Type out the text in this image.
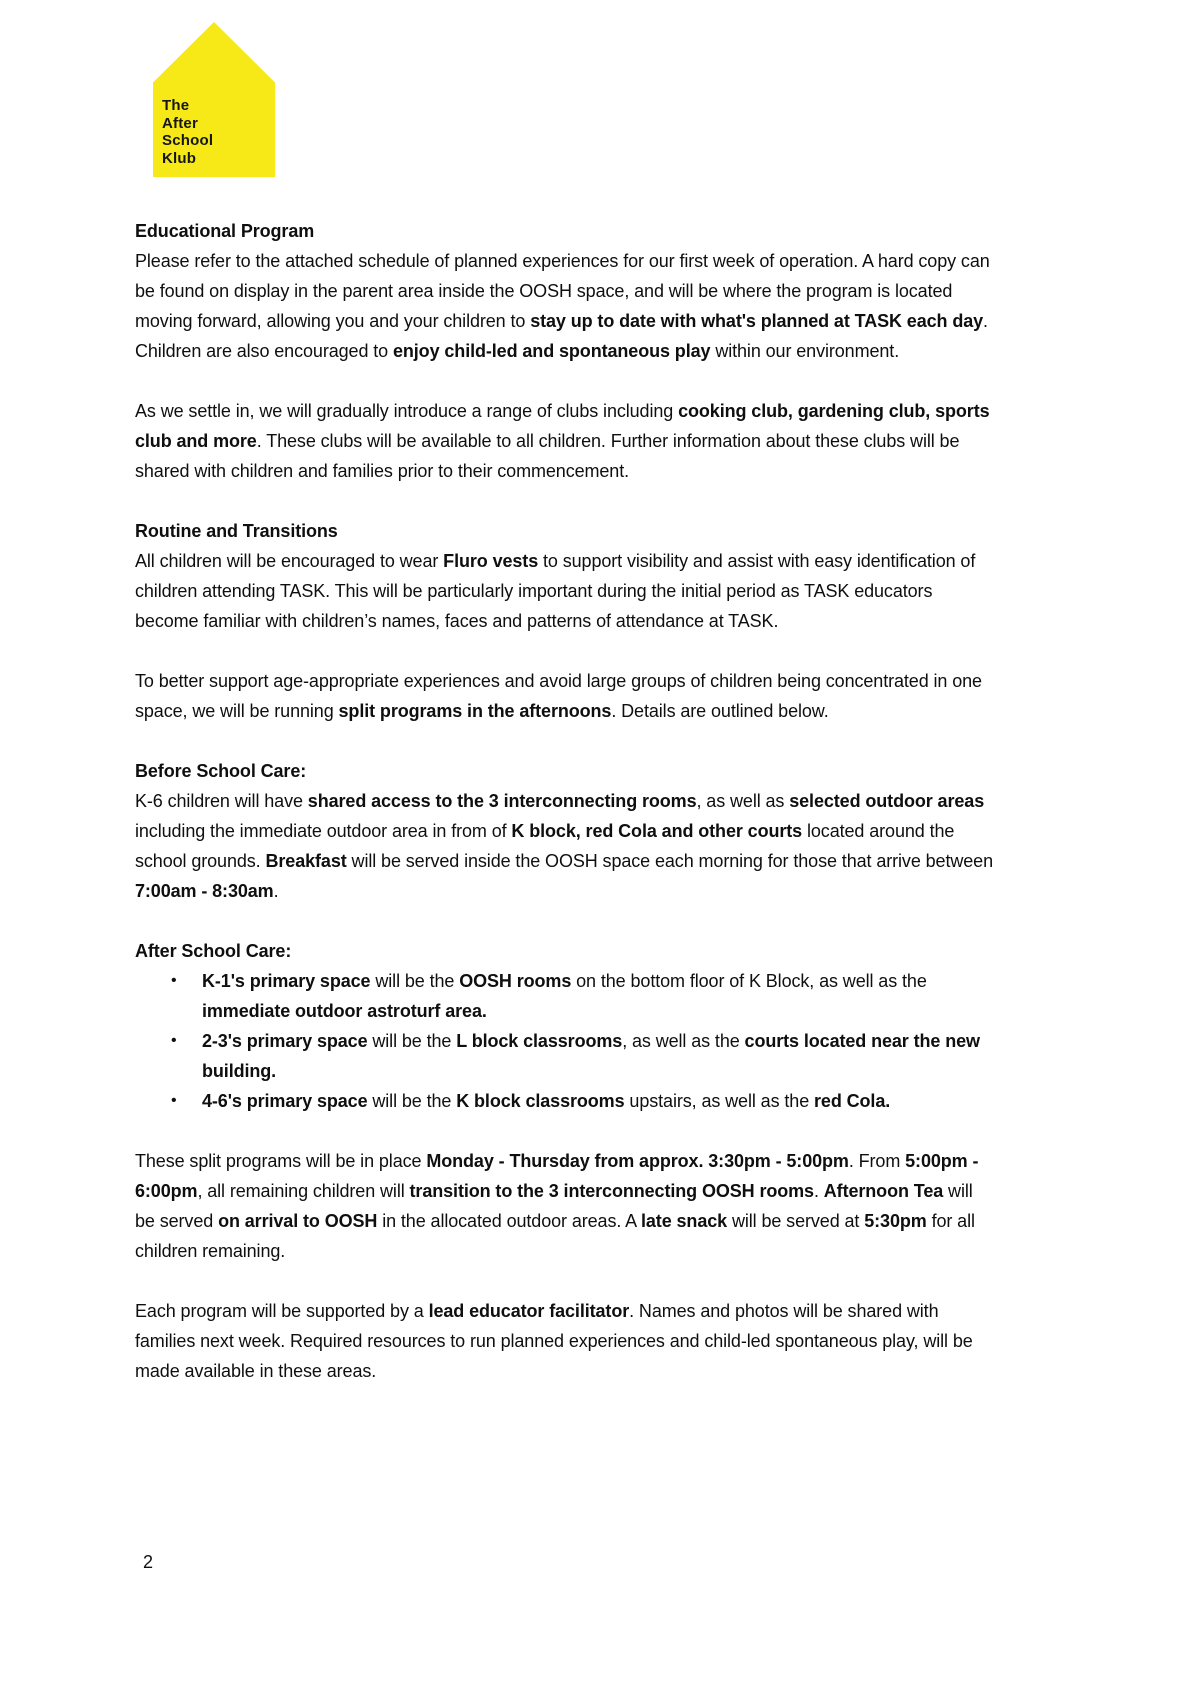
The
After
School
Klub

Educational Program

Please refer to the attached schedule of planned experiences for our first week of operation. A hard copy can be found on display in the parent area inside the OOSH space, and will be where the program is located moving forward, allowing you and your children to stay up to date with what's planned at TASK each day. Children are also encouraged to enjoy child-led and spontaneous play within our environment.

As we settle in, we will gradually introduce a range of clubs including cooking club, gardening club, sports club and more. These clubs will be available to all children. Further information about these clubs will be shared with children and families prior to their commencement.

Routine and Transitions

All children will be encouraged to wear Fluro vests to support visibility and assist with easy identification of children attending TASK. This will be particularly important during the initial period as TASK educators become familiar with children’s names, faces and patterns of attendance at TASK.

To better support age-appropriate experiences and avoid large groups of children being concentrated in one space, we will be running split programs in the afternoons. Details are outlined below.

Before School Care:

K-6 children will have shared access to the 3 interconnecting rooms, as well as selected outdoor areas including the immediate outdoor area in from of K block, red Cola and other courts located around the school grounds. Breakfast will be served inside the OOSH space each morning for those that arrive between 7:00am - 8:30am.

After School Care:

• K-1's primary space will be the OOSH rooms on the bottom floor of K Block, as well as the immediate outdoor astroturf area.
• 2-3's primary space will be the L block classrooms, as well as the courts located near the new building.
• 4-6's primary space will be the K block classrooms upstairs, as well as the red Cola.

These split programs will be in place Monday - Thursday from approx. 3:30pm - 5:00pm. From 5:00pm - 6:00pm, all remaining children will transition to the 3 interconnecting OOSH rooms. Afternoon Tea will be served on arrival to OOSH in the allocated outdoor areas. A late snack will be served at 5:30pm for all children remaining.

Each program will be supported by a lead educator facilitator. Names and photos will be shared with families next week. Required resources to run planned experiences and child-led spontaneous play, will be made available in these areas.

2
